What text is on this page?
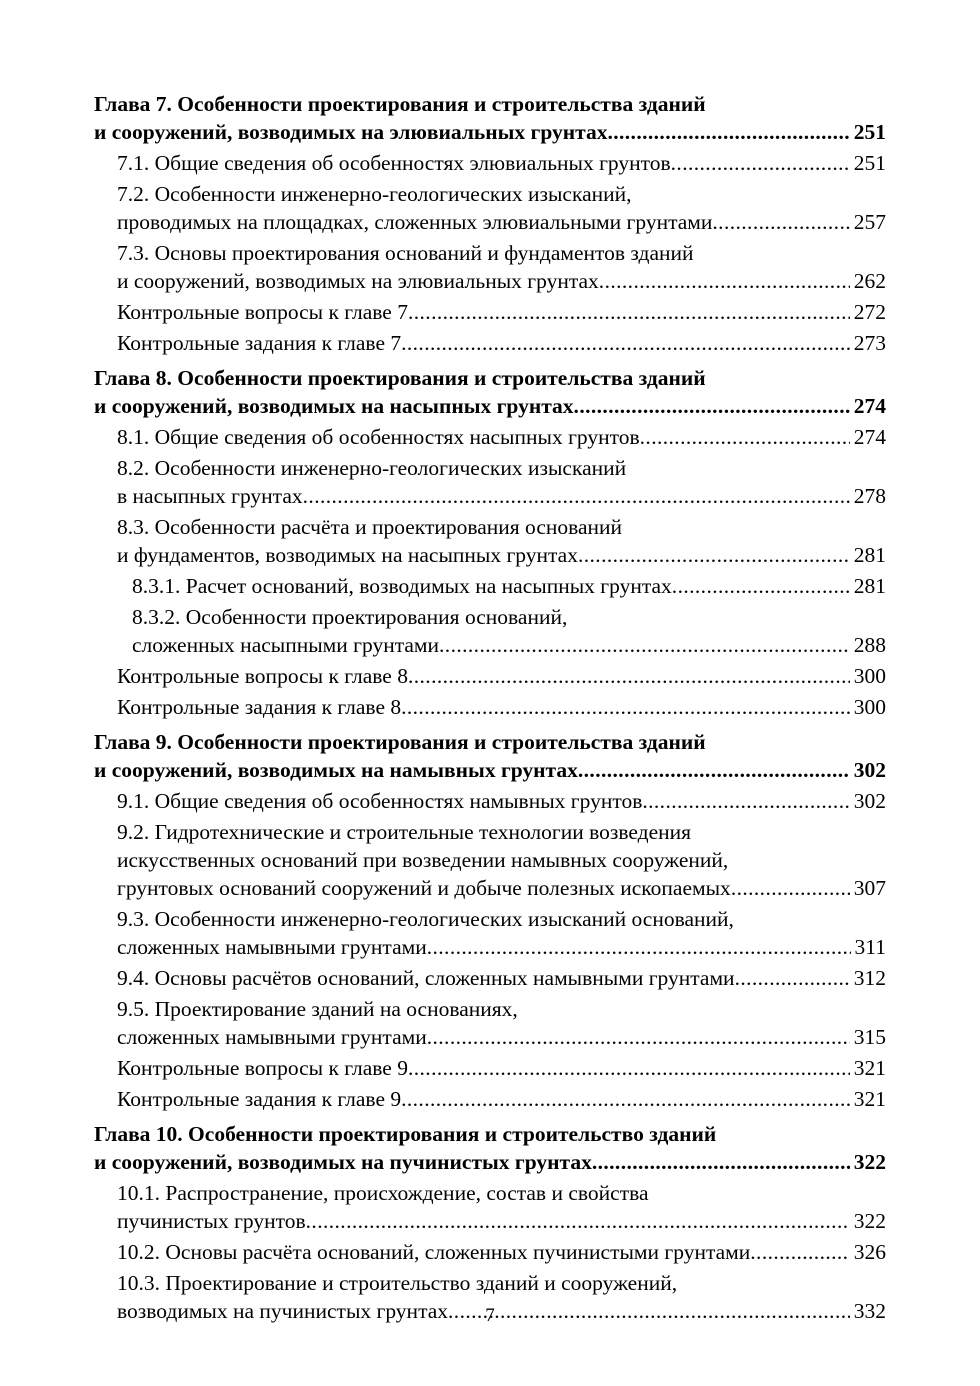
Глава 7. Особенности проектирования и строительства зданий
и сооружений, возводимых на элювиальных грунтах .....	251
7.1. Общие сведения об особенностях элювиальных грунтов .....	251
7.2. Особенности инженерно-геологических изысканий,
проводимых на площадках, сложенных элювиальными грунтами .....	257
7.3. Основы проектирования оснований и фундаментов зданий
и сооружений, возводимых на элювиальных грунтах .....	262
Контрольные вопросы к главе 7 .....	272
Контрольные задания к главе 7 .....	273
Глава 8. Особенности проектирования и строительства зданий
и сооружений, возводимых на насыпных грунтах .....	274
8.1. Общие сведения об особенностях насыпных грунтов .....	274
8.2. Особенности инженерно-геологических изысканий
в насыпных грунтах .....	278
8.3. Особенности расчёта и проектирования оснований
и фундаментов, возводимых на насыпных грунтах .....	281
8.3.1. Расчет оснований, возводимых на насыпных грунтах .....	281
8.3.2. Особенности проектирования оснований,
сложенных насыпными грунтами .....	288
Контрольные вопросы к главе 8 .....	300
Контрольные задания к главе 8 .....	300
Глава 9. Особенности проектирования и строительства зданий
и сооружений, возводимых на намывных грунтах .....	302
9.1. Общие сведения об особенностях намывных грунтов .....	302
9.2. Гидротехнические и строительные технологии возведения
искусственных оснований при возведении намывных сооружений,
грунтовых оснований сооружений и добыче полезных ископаемых .....	307
9.3. Особенности инженерно-геологических изысканий оснований,
сложенных намывными грунтами .....	311
9.4. Основы расчётов оснований, сложенных намывными грунтами .....	312
9.5. Проектирование зданий на основаниях,
сложенных намывными грунтами .....	315
Контрольные вопросы к главе 9 .....	321
Контрольные задания к главе 9 .....	321
Глава 10. Особенности проектирования и строительство зданий
и сооружений, возводимых на пучинистых грунтах .....	322
10.1. Распространение, происхождение, состав и свойства
пучинистых грунтов .....	322
10.2. Основы расчёта оснований, сложенных пучинистыми грунтами .....	326
10.3. Проектирование и строительство зданий и сооружений,
возводимых на пучинистых грунтах .....	332
7
